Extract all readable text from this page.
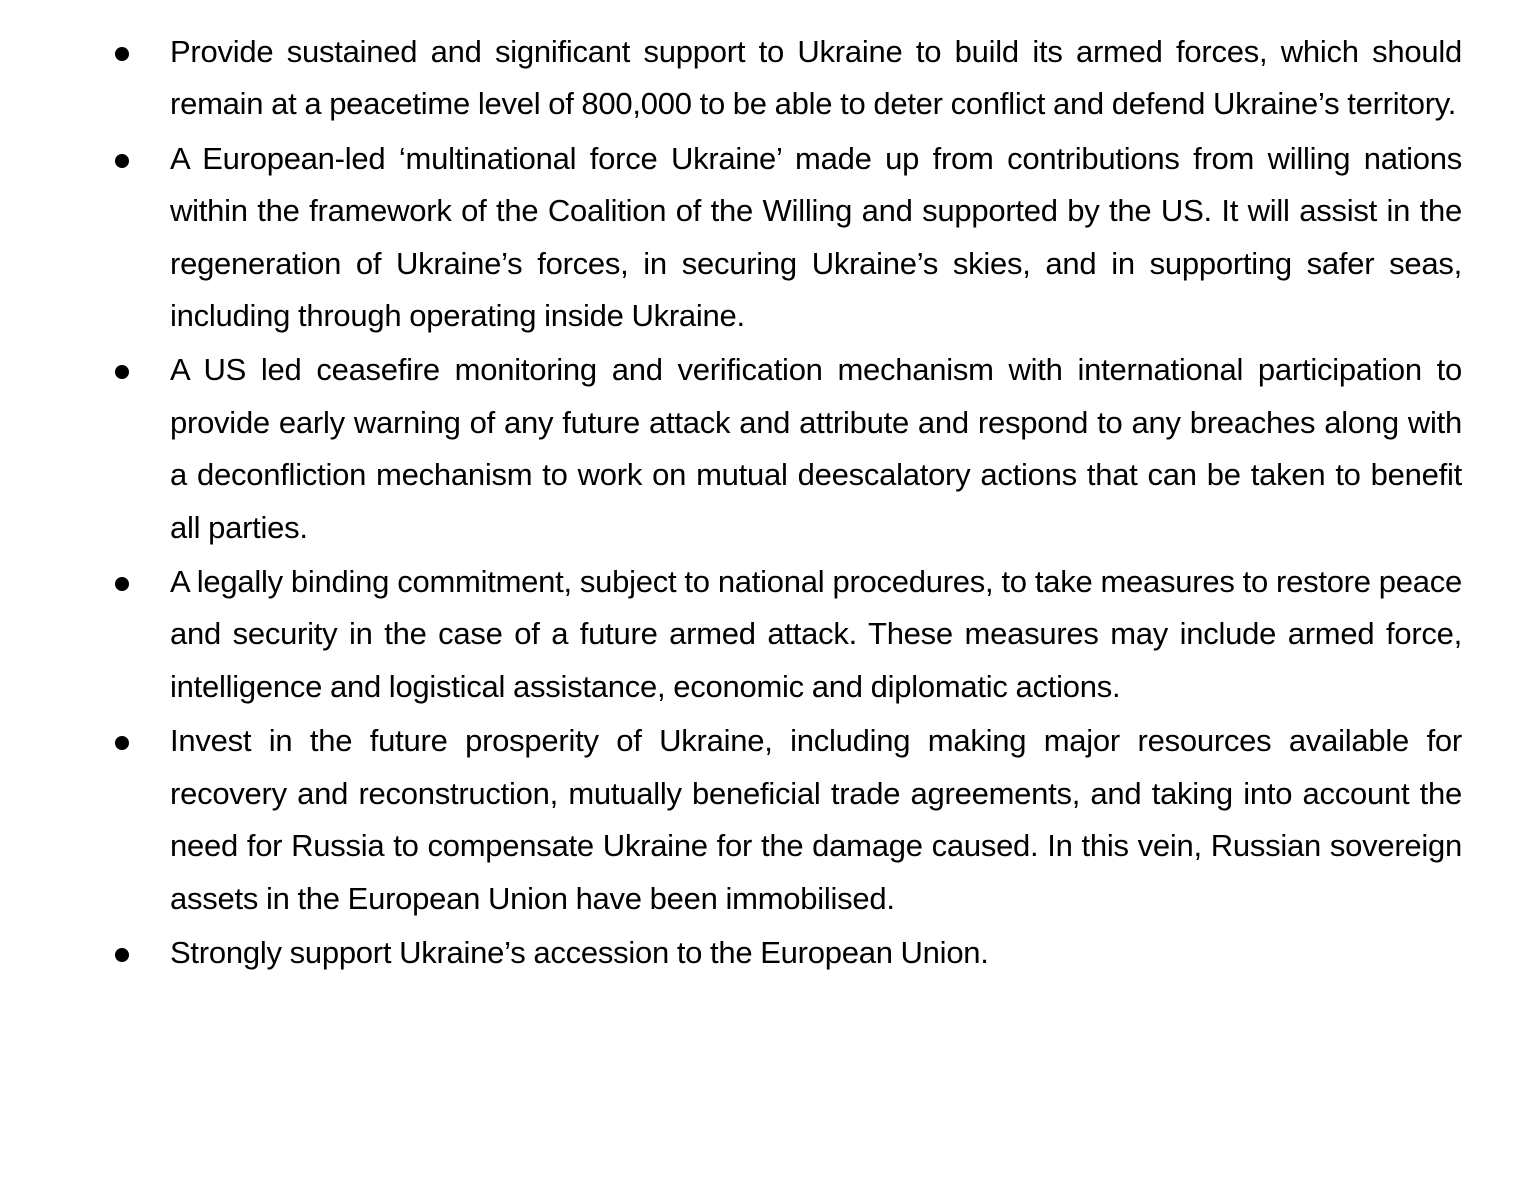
Provide sustained and significant support to Ukraine to build its armed forces, which should remain at a peacetime level of 800,000 to be able to deter conflict and defend Ukraine’s territory.
A European-led ‘multinational force Ukraine’ made up from contributions from willing nations within the framework of the Coalition of the Willing and supported by the US. It will assist in the regeneration of Ukraine’s forces, in securing Ukraine’s skies, and in supporting safer seas, including through operating inside Ukraine.
A US led ceasefire monitoring and verification mechanism with international participation to provide early warning of any future attack and attribute and respond to any breaches along with a deconfliction mechanism to work on mutual deescalatory actions that can be taken to benefit all parties.
A legally binding commitment, subject to national procedures, to take measures to restore peace and security in the case of a future armed attack. These measures may include armed force, intelligence and logistical assistance, economic and diplomatic actions.
Invest in the future prosperity of Ukraine, including making major resources available for recovery and reconstruction, mutually beneficial trade agreements, and taking into account the need for Russia to compensate Ukraine for the damage caused. In this vein, Russian sovereign assets in the European Union have been immobilised.
Strongly support Ukraine’s accession to the European Union.
